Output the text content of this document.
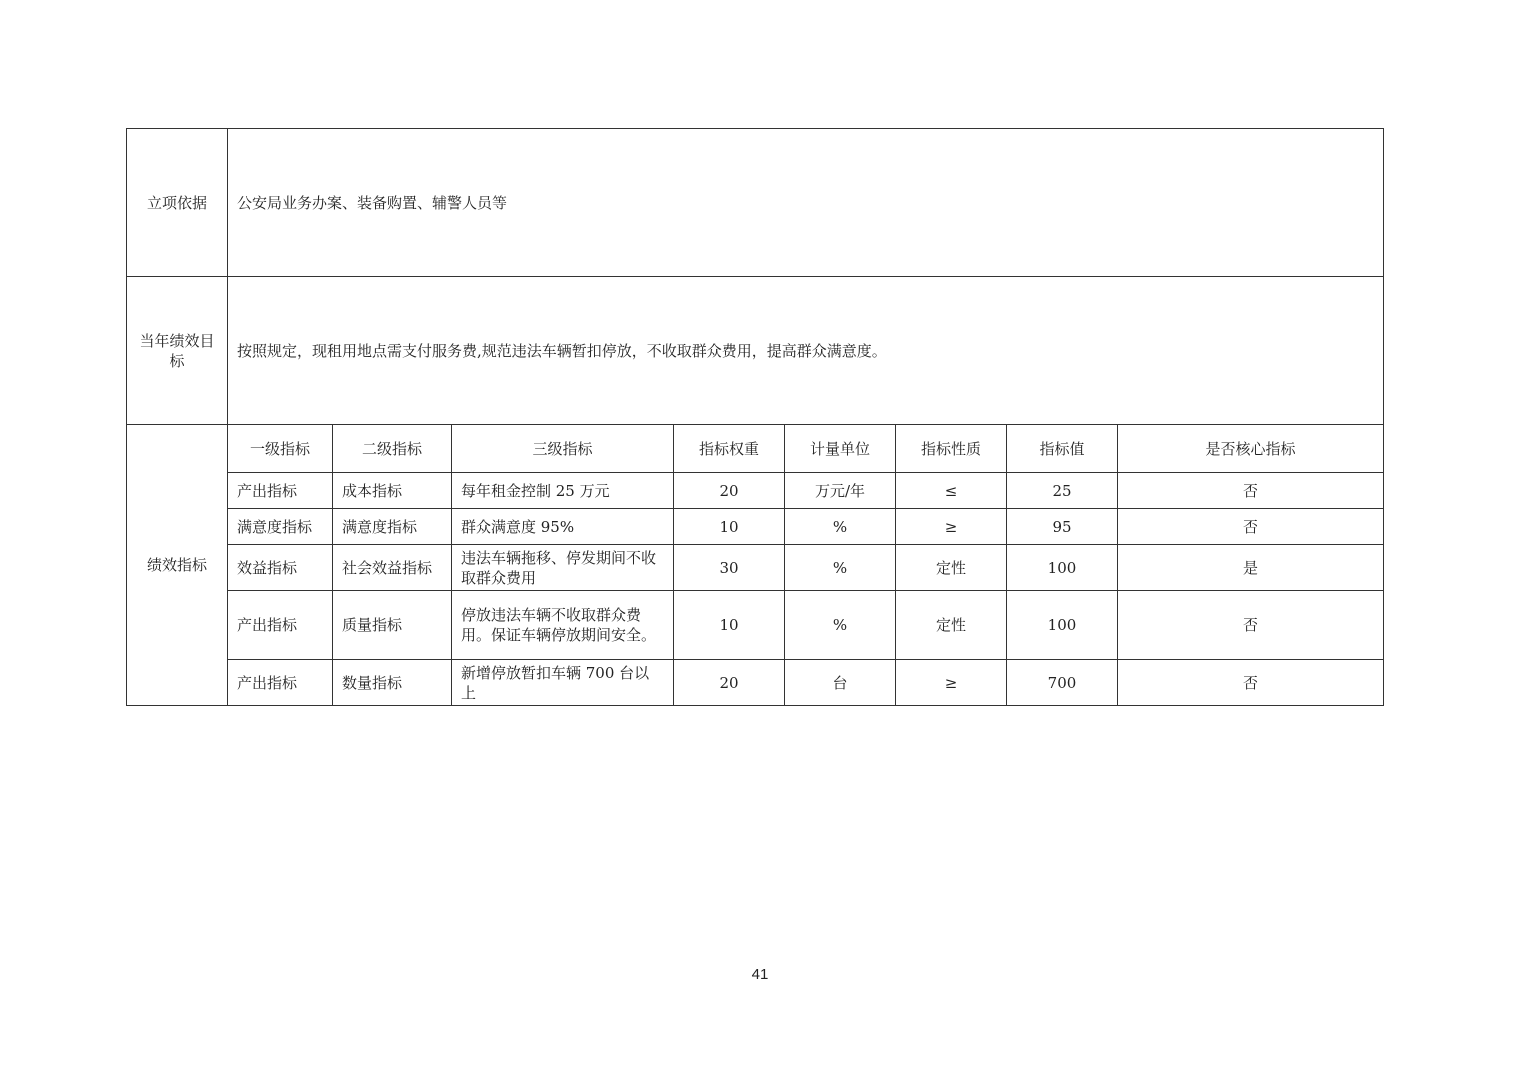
立项依据	公安局业务办案、装备购置、辅警人员等							
当年绩效目标	按照规定，现租用地点需支付服务费,规范违法车辆暂扣停放，不收取群众费用，提高群众满意度。							
绩效指标	一级指标	二级指标	三级指标	指标权重	计量单位	指标性质	指标值	是否核心指标
	产出指标	成本指标	每年租金控制 25 万元	20	万元/年	≤	25	否
	满意度指标	满意度指标	群众满意度 95%	10	%	≥	95	否
	效益指标	社会效益指标	违法车辆拖移、停发期间不收取群众费用	30	%	定性	100	是
	产出指标	质量指标	停放违法车辆不收取群众费用。保证车辆停放期间安全。	10	%	定性	100	否
	产出指标	数量指标	新增停放暂扣车辆 700 台以上	20	台	≥	700	否
41
